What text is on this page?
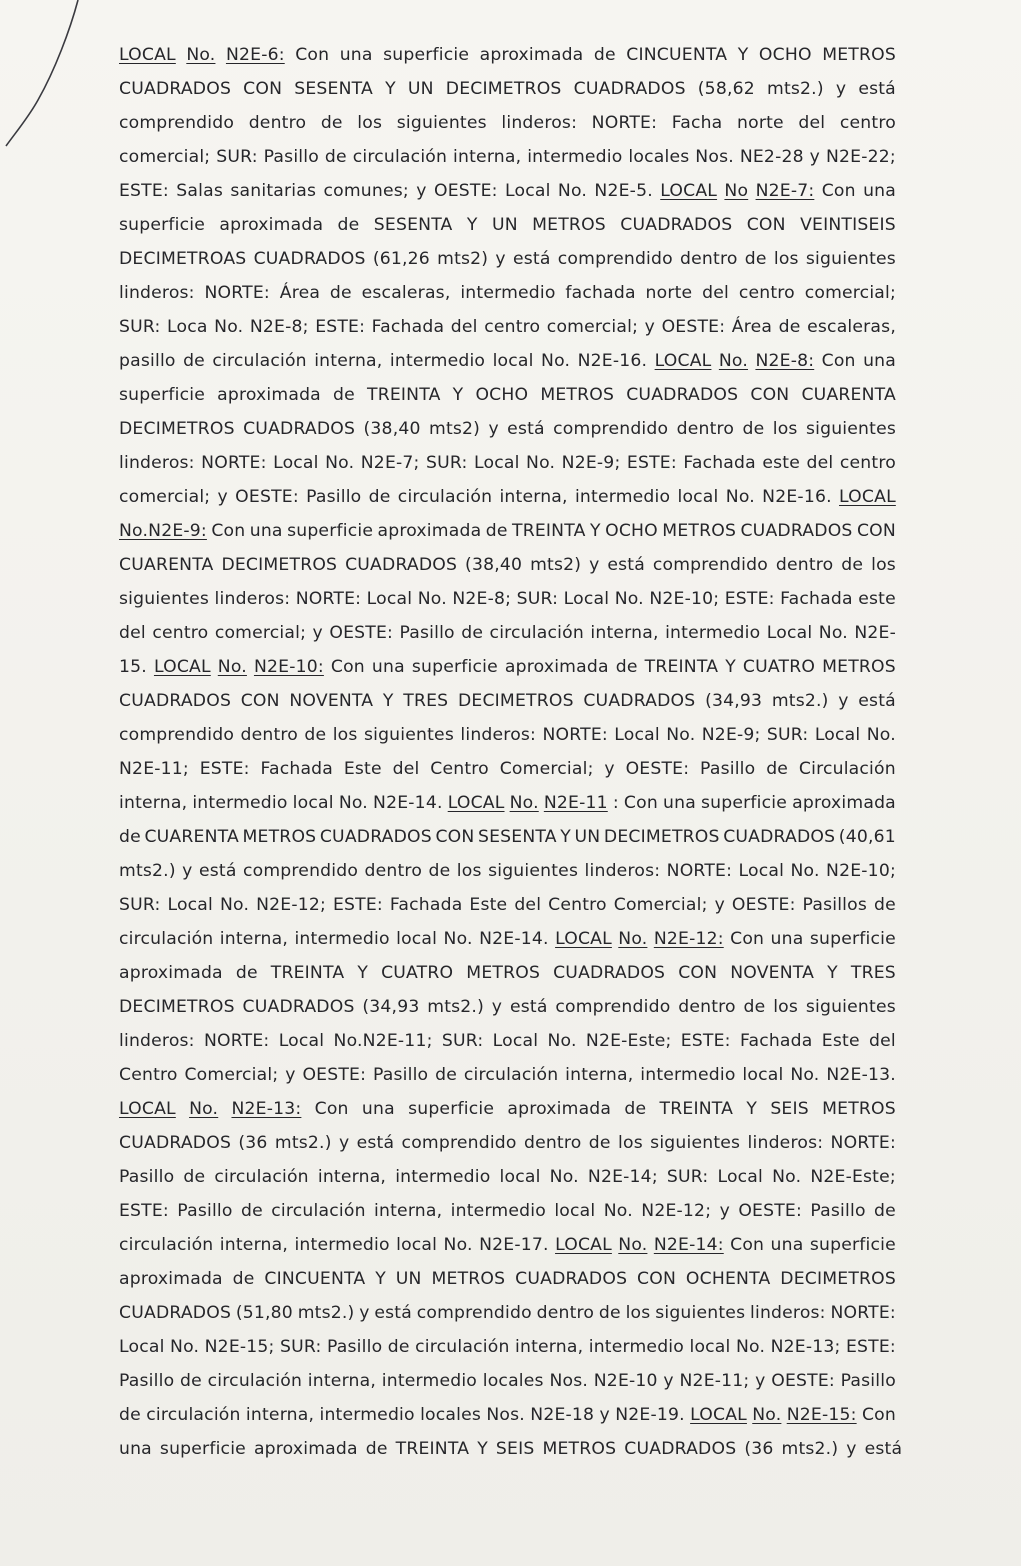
LOCAL No. N2E-6: Con una superficie aproximada de CINCUENTA Y OCHO METROS
CUADRADOS CON SESENTA Y UN DECIMETROS CUADRADOS (58,62 mts2.) y está
comprendido dentro de los siguientes linderos: NORTE: Facha norte del centro
comercial; SUR: Pasillo de circulación interna, intermedio locales Nos. NE2-28 y N2E-22;
ESTE: Salas sanitarias comunes; y OESTE: Local No. N2E-5. LOCAL No N2E-7: Con una
superficie aproximada de SESENTA Y UN METROS CUADRADOS CON VEINTISEIS
DECIMETROAS CUADRADOS (61,26 mts2) y está comprendido dentro de los siguientes
linderos: NORTE: Área de escaleras, intermedio fachada norte del centro comercial;
SUR: Loca No. N2E-8; ESTE: Fachada del centro comercial; y OESTE: Área de escaleras,
pasillo de circulación interna, intermedio local No. N2E-16. LOCAL No. N2E-8: Con una
superficie aproximada de TREINTA Y OCHO METROS CUADRADOS CON CUARENTA
DECIMETROS CUADRADOS (38,40 mts2) y está comprendido dentro de los siguientes
linderos: NORTE: Local No. N2E-7; SUR: Local No. N2E-9; ESTE: Fachada este del centro
comercial; y OESTE: Pasillo de circulación interna, intermedio local No. N2E-16. LOCAL
No.N2E-9: Con una superficie aproximada de TREINTA Y OCHO METROS CUADRADOS CON
CUARENTA DECIMETROS CUADRADOS (38,40 mts2) y está comprendido dentro de los
siguientes linderos: NORTE: Local No. N2E-8; SUR: Local No. N2E-10; ESTE: Fachada este
del centro comercial; y OESTE: Pasillo de circulación interna, intermedio Local No. N2E-
15. LOCAL No. N2E-10: Con una superficie aproximada de TREINTA Y CUATRO METROS
CUADRADOS CON NOVENTA Y TRES DECIMETROS CUADRADOS (34,93 mts2.) y está
comprendido dentro de los siguientes linderos: NORTE: Local No. N2E-9; SUR: Local No.
N2E-11; ESTE: Fachada Este del Centro Comercial; y OESTE: Pasillo de Circulación
interna, intermedio local No. N2E-14. LOCAL No. N2E-11 : Con una superficie aproximada
de CUARENTA METROS CUADRADOS CON SESENTA Y UN DECIMETROS CUADRADOS (40,61
mts2.) y está comprendido dentro de los siguientes linderos: NORTE: Local No. N2E-10;
SUR: Local No. N2E-12; ESTE: Fachada Este del Centro Comercial; y OESTE: Pasillos de
circulación interna, intermedio local No. N2E-14. LOCAL No. N2E-12: Con una superficie
aproximada de TREINTA Y CUATRO METROS CUADRADOS CON NOVENTA Y TRES
DECIMETROS CUADRADOS (34,93 mts2.) y está comprendido dentro de los siguientes
linderos: NORTE: Local No.N2E-11; SUR: Local No. N2E-Este; ESTE: Fachada Este del
Centro Comercial; y OESTE: Pasillo de circulación interna, intermedio local No. N2E-13.
LOCAL No. N2E-13: Con una superficie aproximada de TREINTA Y SEIS METROS
CUADRADOS (36 mts2.) y está comprendido dentro de los siguientes linderos: NORTE:
Pasillo de circulación interna, intermedio local No. N2E-14; SUR: Local No. N2E-Este;
ESTE: Pasillo de circulación interna, intermedio local No. N2E-12; y OESTE: Pasillo de
circulación interna, intermedio local No. N2E-17. LOCAL No. N2E-14: Con una superficie
aproximada de CINCUENTA Y UN METROS CUADRADOS CON OCHENTA DECIMETROS
CUADRADOS (51,80 mts2.) y está comprendido dentro de los siguientes linderos: NORTE:
Local No. N2E-15; SUR: Pasillo de circulación interna, intermedio local No. N2E-13; ESTE:
Pasillo de circulación interna, intermedio locales Nos. N2E-10 y N2E-11; y OESTE: Pasillo
de circulación interna, intermedio locales Nos. N2E-18 y N2E-19. LOCAL No. N2E-15: Con
una superficie aproximada de TREINTA Y SEIS METROS CUADRADOS (36 mts2.) y está
